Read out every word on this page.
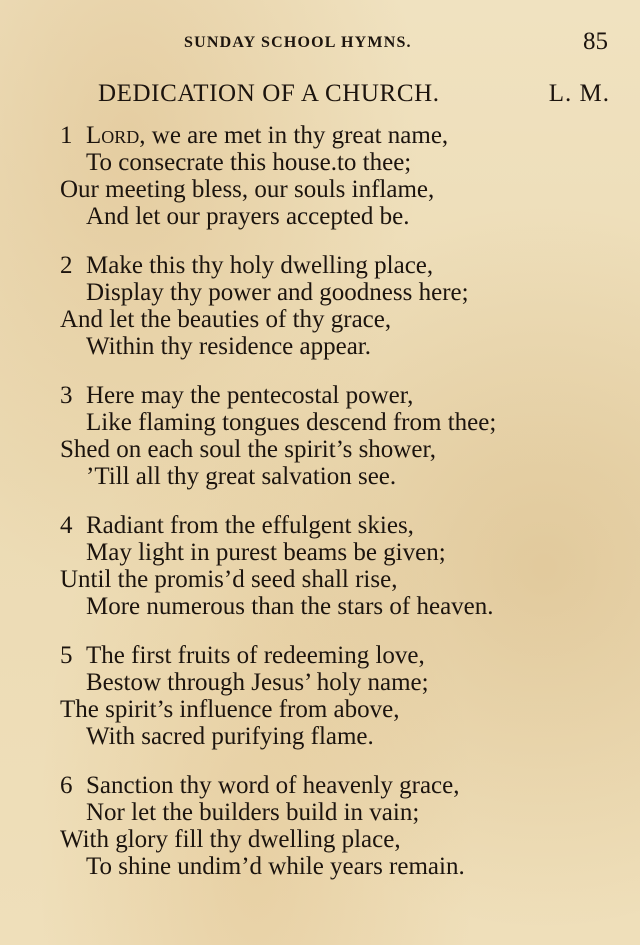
SUNDAY SCHOOL HYMNS.	85
DEDICATION OF A CHURCH.	L. M.
1 Lord, we are met in thy great name,
To consecrate this house.to thee;
Our meeting bless, our souls inflame,
And let our prayers accepted be.
2 Make this thy holy dwelling place,
Display thy power and goodness here;
And let the beauties of thy grace,
Within thy residence appear.
3 Here may the pentecostal power,
Like flaming tongues descend from thee;
Shed on each soul the spirit’s shower,
’Till all thy great salvation see.
4 Radiant from the effulgent skies,
May light in purest beams be given;
Until the promis’d seed shall rise,
More numerous than the stars of heaven.
5 The first fruits of redeeming love,
Bestow through Jesus’ holy name;
The spirit’s influence from above,
With sacred purifying flame.
6 Sanction thy word of heavenly grace,
Nor let the builders build in vain;
With glory fill thy dwelling place,
To shine undim’d while years remain.
